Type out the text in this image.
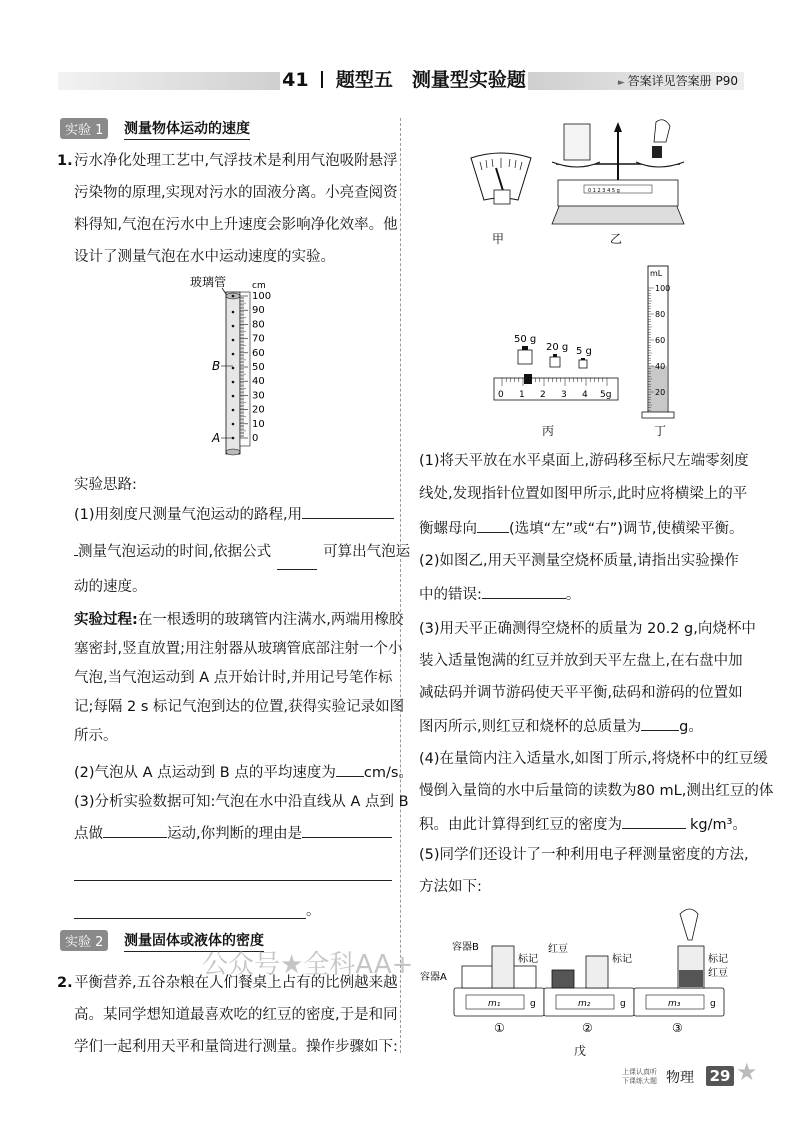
41 题型五　测量型实验题	► 答案详见答案册 P90
实验 1	测量物体运动的速度
1. 污水净化处理工艺中,气浮技术是利用气泡吸附悬浮
污染物的原理,实现对污水的固液分离。小亮查阅资
料得知,气泡在污水中上升速度会影响净化效率。他
设计了测量气泡在水中运动速度的实验。
玻璃管	cm
100
90
80
70
60
50
40
30
20
10
0
B
A
实验思路:
(1)用刻度尺测量气泡运动的路程,用
测量气泡运动的时间,依据公式	可算出气泡运
动的速度。
实验过程:在一根透明的玻璃管内注满水,两端用橡胶
塞密封,竖直放置;用注射器从玻璃管底部注射一个小
气泡,当气泡运动到 A 点开始计时,并用记号笔作标
记;每隔 2 s 标记气泡到达的位置,获得实验记录如图
所示。
(2)气泡从 A 点运动到 B 点的平均速度为 cm/s。
(3)分析实验数据可知:气泡在水中沿直线从 A 点到 B
点做	运动,你判断的理由是
。
实验 2	测量固体或液体的密度
2. 平衡营养,五谷杂粮在人们餐桌上占有的比例越来越
高。某同学想知道最喜欢吃的红豆的密度,于是和同
学们一起利用天平和量筒进行测量。操作步骤如下:
甲
0 1 2 3 4 5 g
乙
50 g
20 g 5 g
0 1 2 3 4 5g
丙
mL
100
80
60
40
20
丁
(1)将天平放在水平桌面上,游码移至标尺左端零刻度
线处,发现指针位置如图甲所示,此时应将横梁上的平
衡螺母向 (选填“左”或“右”)调节,使横梁平衡。
(2)如图乙,用天平测量空烧杯质量,请指出实验操作
中的错误:	。
(3)用天平正确测得空烧杯的质量为 20.2 g,向烧杯中
装入适量饱满的红豆并放到天平左盘上,在右盘中加
减砝码并调节游码使天平平衡,砝码和游码的位置如
图丙所示,则红豆和烧杯的总质量为	g。
(4)在量筒内注入适量水,如图丁所示,将烧杯中的红豆缓
慢倒入量筒的水中后量筒的读数为80 mL,测出红豆的体
积。由此计算得到红豆的密度为	kg/m³。
(5)同学们还设计了一种利用电子秤测量密度的方法,
方法如下:
m₁	g
容器B
容器A
标记
①
m₂	g
红豆
标记
②
m₃	g
标记
红豆
③
戊
公众号★全科AA+
上课认真听
下课练大题 物理 29 ★
